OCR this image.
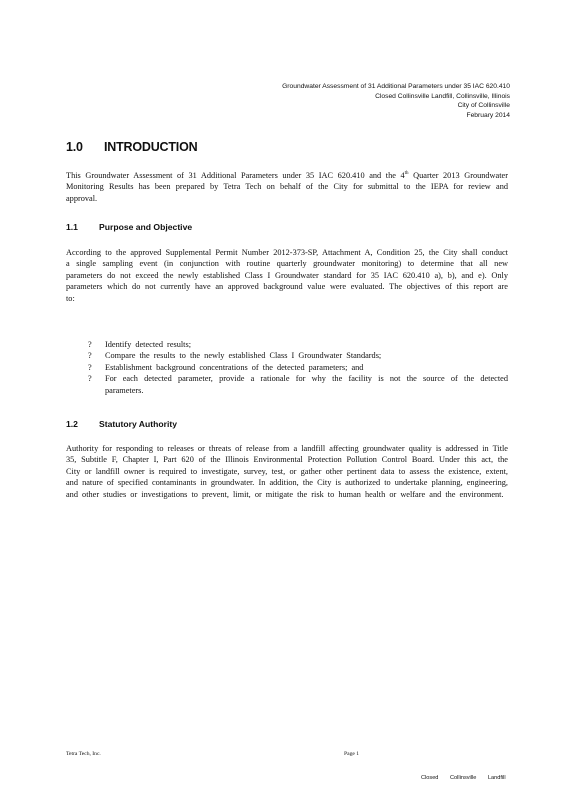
Groundwater Assessment of 31 Additional Parameters under 35 IAC 620.410
Closed Collinsville Landfill, Collinsville, Illinois
City of Collinsville
February 2014
1.0 INTRODUCTION

This Groundwater Assessment of 31 Additional Parameters under 35 IAC 620.410 and the 4th Quarter 2013 Groundwater Monitoring Results has been prepared by Tetra Tech on behalf of the City for submittal to the IEPA for review and approval.

1.1 Purpose and Objective

According to the approved Supplemental Permit Number 2012-373-SP, Attachment A, Condition 25, the City shall conduct a single sampling event (in conjunction with routine quarterly groundwater monitoring) to determine that all new parameters do not exceed the newly established Class I Groundwater standard for 35 IAC 620.410 a), b), and e). Only parameters which do not currently have an approved background value were evaluated. The objectives of this report are to:

? Identify detected results;
? Compare the results to the newly established Class I Groundwater Standards;
? Establishment background concentrations of the detected parameters; and
? For each detected parameter, provide a rationale for why the facility is not the source of the detected parameters.
1.2 Statutory Authority

Authority for responding to releases or threats of release from a landfill affecting groundwater quality is addressed in Title 35, Subtitle F, Chapter I, Part 620 of the Illinois Environmental Protection Pollution Control Board. Under this act, the City or landfill owner is required to investigate, survey, test, or gather other pertinent data to assess the existence, extent, and nature of specified contaminants in groundwater. In addition, the City is authorized to undertake planning, engineering, and other studies or investigations to prevent, limit, or mitigate the risk to human health or welfare and the environment.

Tetra Tech, Inc.	Page 1
Closed Collinsville Landfill
